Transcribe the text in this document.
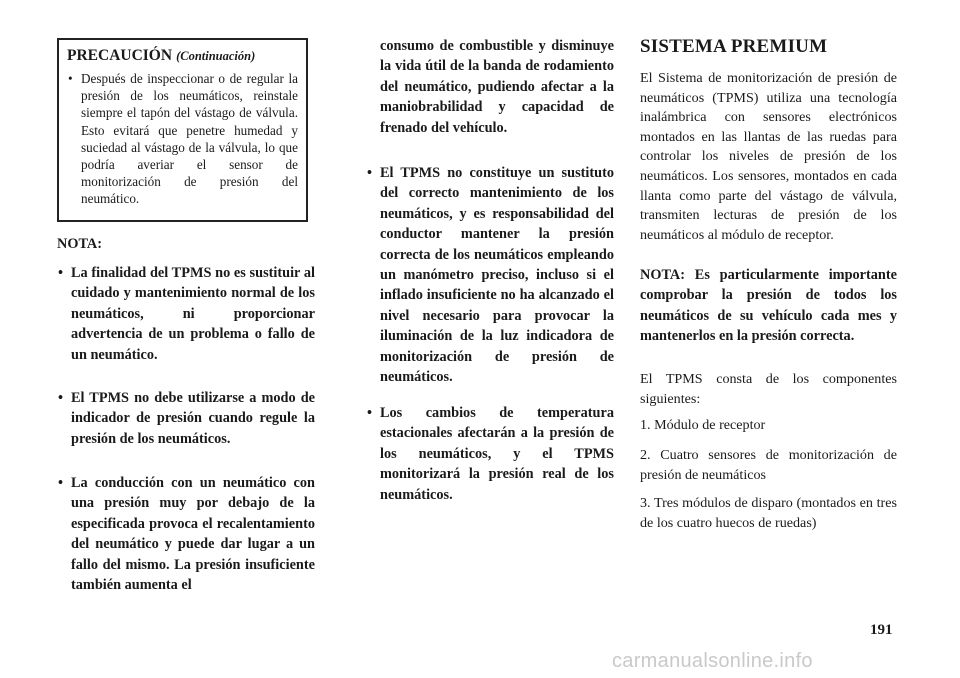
PRECAUCIÓN (Continuación)
• Después de inspeccionar o de regular la presión de los neumáticos, reinstale siempre el tapón del vástago de válvula. Esto evitará que penetre humedad y suciedad al vástago de la válvula, lo que podría averiar el sensor de monitorización de presión del neumático.
NOTA:
• La finalidad del TPMS no es sustituir al cuidado y mantenimiento normal de los neumáticos, ni proporcionar advertencia de un problema o fallo de un neumático.
• El TPMS no debe utilizarse a modo de indicador de presión cuando regule la presión de los neumáticos.
• La conducción con un neumático con una presión muy por debajo de la especificada provoca el recalentamiento del neumático y puede dar lugar a un fallo del mismo. La presión insuficiente también aumenta el
consumo de combustible y disminuye la vida útil de la banda de rodamiento del neumático, pudiendo afectar a la maniobrabilidad y capacidad de frenado del vehículo.
• El TPMS no constituye un sustituto del correcto mantenimiento de los neumáticos, y es responsabilidad del conductor mantener la presión correcta de los neumáticos empleando un manómetro preciso, incluso si el inflado insuficiente no ha alcanzado el nivel necesario para provocar la iluminación de la luz indicadora de monitorización de presión de neumáticos.
• Los cambios de temperatura estacionales afectarán a la presión de los neumáticos, y el TPMS monitorizará la presión real de los neumáticos.
SISTEMA PREMIUM
El Sistema de monitorización de presión de neumáticos (TPMS) utiliza una tecnología inalámbrica con sensores electrónicos montados en las llantas de las ruedas para controlar los niveles de presión de los neumáticos. Los sensores, montados en cada llanta como parte del vástago de válvula, transmiten lecturas de presión de los neumáticos al módulo de receptor.
NOTA: Es particularmente importante comprobar la presión de todos los neumáticos de su vehículo cada mes y mantenerlos en la presión correcta.
El TPMS consta de los componentes siguientes:
1. Módulo de receptor
2. Cuatro sensores de monitorización de presión de neumáticos
3. Tres módulos de disparo (montados en tres de los cuatro huecos de ruedas)
191
carmanualsonline.info
